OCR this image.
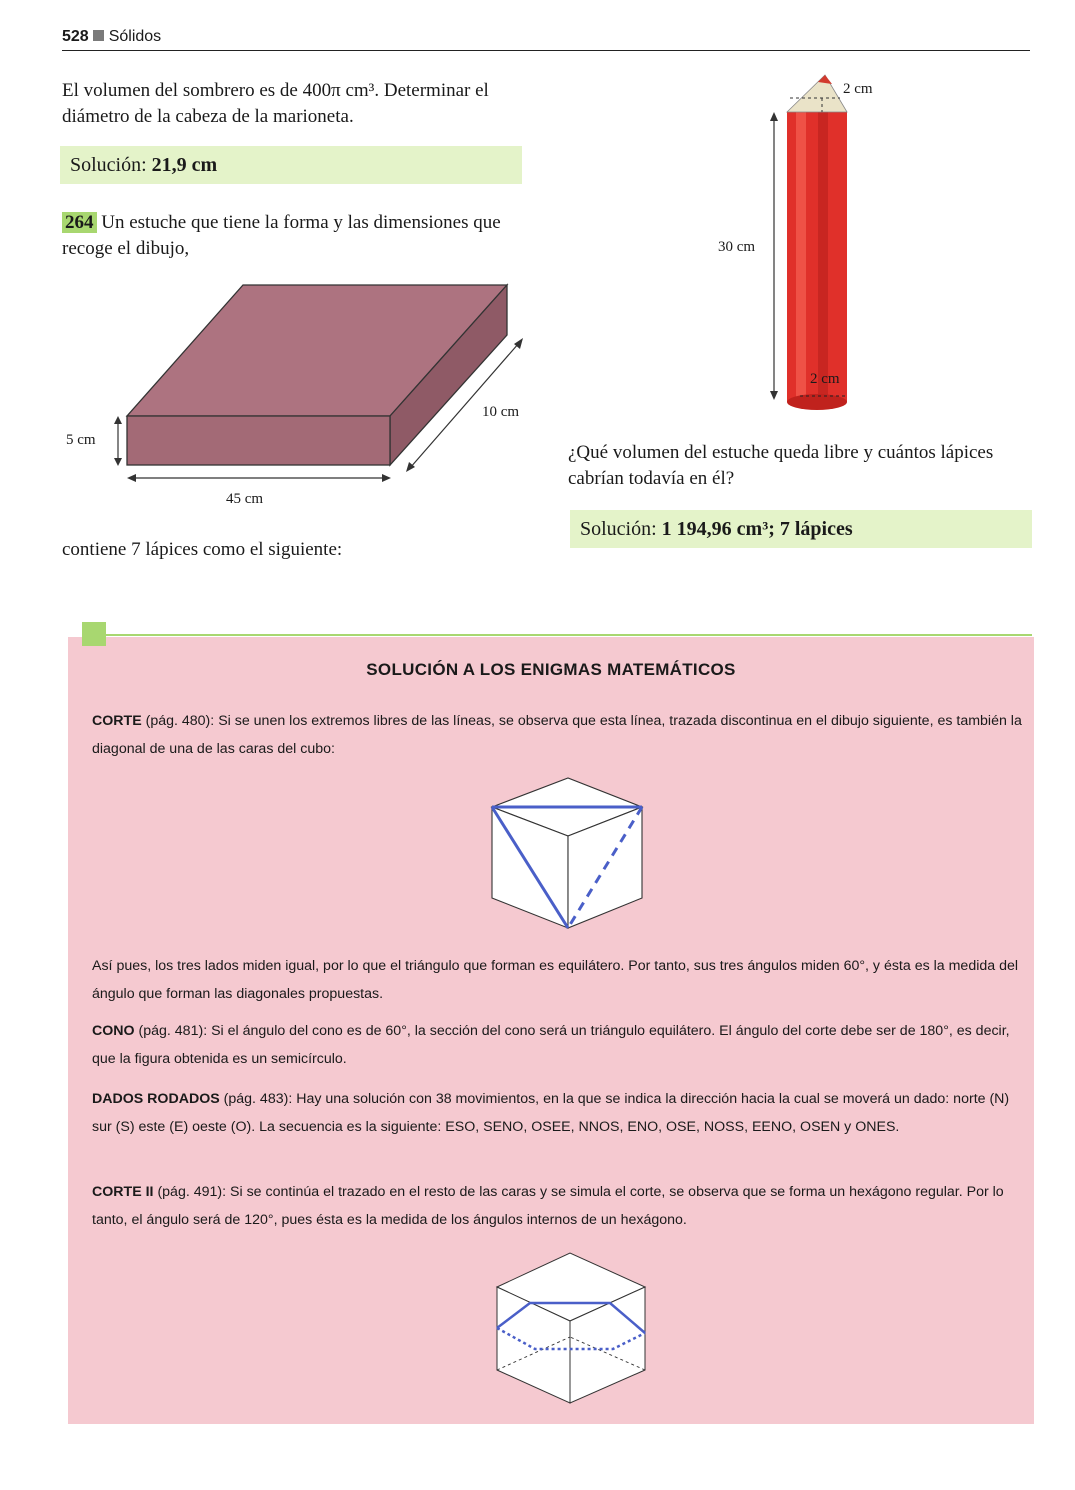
528 Sólidos
El volumen del sombrero es de 400π cm³. Determinar el diámetro de la cabeza de la marioneta.
Solución: 21,9 cm
264 Un estuche que tiene la forma y las dimensiones que recoge el dibujo,
5 cm
45 cm
10 cm
contiene 7 lápices como el siguiente:
2 cm
30 cm
2 cm
¿Qué volumen del estuche queda libre y cuántos lápices cabrían todavía en él?
Solución: 1 194,96 cm³; 7 lápices
SOLUCIÓN A LOS ENIGMAS MATEMÁTICOS
CORTE (pág. 480): Si se unen los extremos libres de las líneas, se observa que esta línea, trazada discontinua en el dibujo siguiente, es también la diagonal de una de las caras del cubo:
Así pues, los tres lados miden igual, por lo que el triángulo que forman es equilátero. Por tanto, sus tres ángulos miden 60°, y ésta es la medida del ángulo que forman las diagonales propuestas.
CONO (pág. 481): Si el ángulo del cono es de 60°, la sección del cono será un triángulo equilátero. El ángulo del corte debe ser de 180°, es decir, que la figura obtenida es un semicírculo.
DADOS RODADOS (pág. 483): Hay una solución con 38 movimientos, en la que se indica la dirección hacia la cual se moverá un dado: norte (N) sur (S) este (E) oeste (O). La secuencia es la siguiente: ESO, SENO, OSEE, NNOS, ENO, OSE, NOSS, EENO, OSEN y ONES.
CORTE II (pág. 491): Si se continúa el trazado en el resto de las caras y se simula el corte, se observa que se forma un hexágono regular. Por lo tanto, el ángulo será de 120°, pues ésta es la medida de los ángulos internos de un hexágono.
